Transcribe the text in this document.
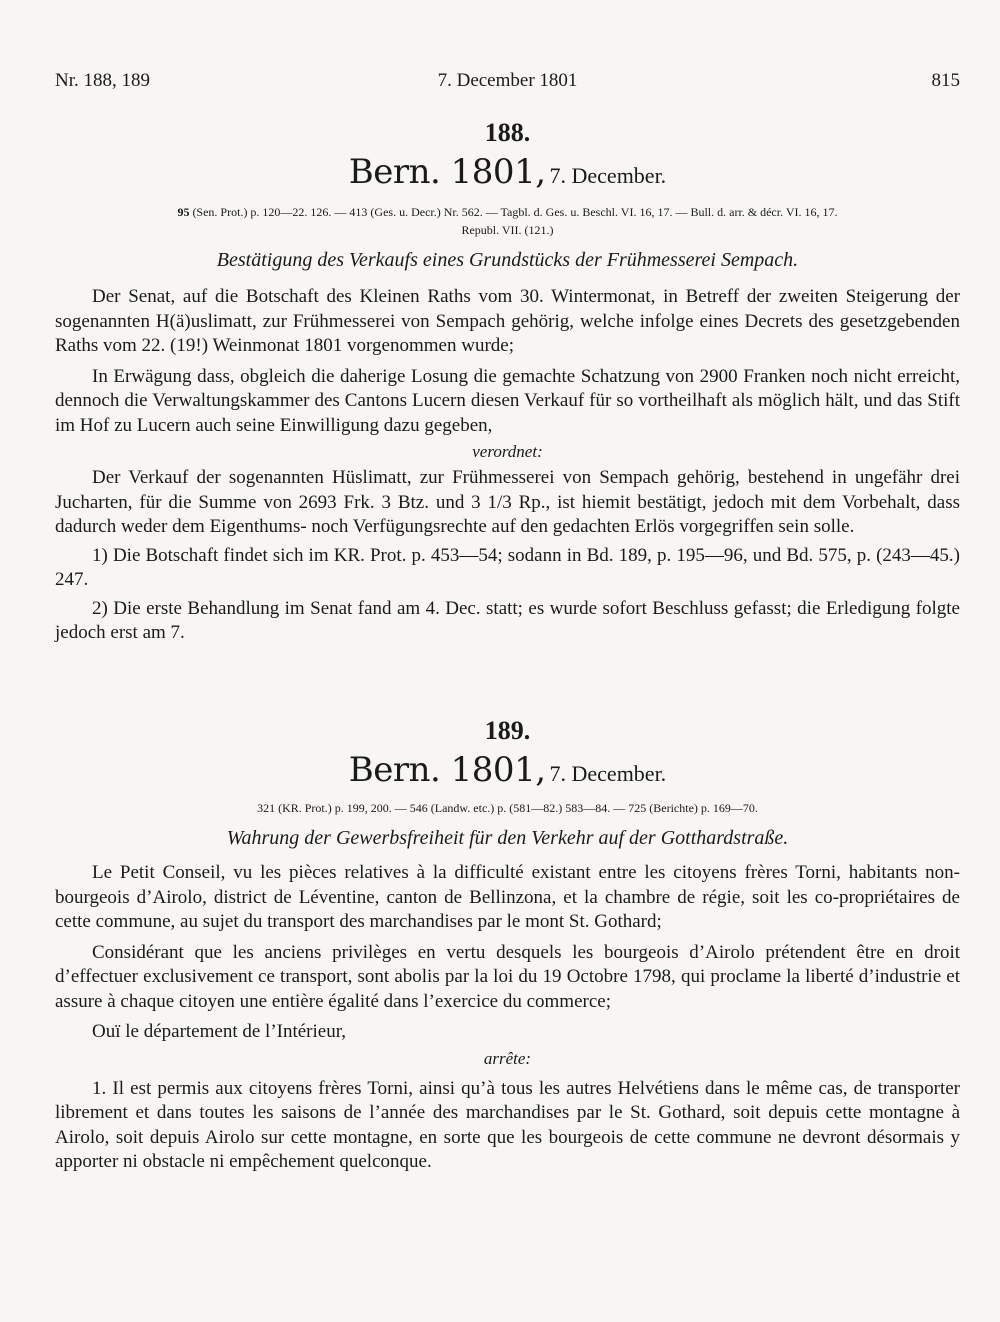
Nr. 188, 189	7. December 1801	815
188.
Bern. 1801, 7. December.
95 (Sen. Prot.) p. 120—22. 126. — 413 (Ges. u. Decr.) Nr. 562. — Tagbl. d. Ges. u. Beschl. VI. 16, 17. — Bull. d. arr. & décr. VI. 16, 17.
Republ. VII. (121.)
Bestätigung des Verkaufs eines Grundstücks der Frühmesserei Sempach.

Der Senat, auf die Botschaft des Kleinen Raths vom 30. Wintermonat, in Betreff der zweiten Steigerung der sogenannten H(ä)uslimatt, zur Frühmesserei von Sempach gehörig, welche infolge eines Decrets des gesetzgebenden Raths vom 22. (19!) Weinmonat 1801 vorgenommen wurde;

In Erwägung dass, obgleich die daherige Losung die gemachte Schatzung von 2900 Franken noch nicht erreicht, dennoch die Verwaltungskammer des Cantons Lucern diesen Verkauf für so vortheilhaft als möglich hält, und das Stift im Hof zu Lucern auch seine Einwilligung dazu gegeben,

verordnet:

Der Verkauf der sogenannten Hüslimatt, zur Frühmesserei von Sempach gehörig, bestehend in ungefähr drei Jucharten, für die Summe von 2693 Frk. 3 Btz. und 3 1/3 Rp., ist hiemit bestätigt, jedoch mit dem Vorbehalt, dass dadurch weder dem Eigenthums- noch Verfügungsrechte auf den gedachten Erlös vorgegriffen sein solle.

1) Die Botschaft findet sich im KR. Prot. p. 453—54; sodann in Bd. 189, p. 195—96, und Bd. 575, p. (243—45.) 247.

2) Die erste Behandlung im Senat fand am 4. Dec. statt; es wurde sofort Beschluss gefasst; die Erledigung folgte jedoch erst am 7.

189.
Bern. 1801, 7. December.
321 (KR. Prot.) p. 199, 200. — 546 (Landw. etc.) p. (581—82.) 583—84. — 725 (Berichte) p. 169—70.
Wahrung der Gewerbsfreiheit für den Verkehr auf der Gotthardstraße.

Le Petit Conseil, vu les pièces relatives à la difficulté existant entre les citoyens frères Torni, habitants non-bourgeois d’Airolo, district de Léventine, canton de Bellinzona, et la chambre de régie, soit les co-propriétaires de cette commune, au sujet du transport des marchandises par le mont St. Gothard;

Considérant que les anciens privilèges en vertu desquels les bourgeois d’Airolo prétendent être en droit d’effectuer exclusivement ce transport, sont abolis par la loi du 19 Octobre 1798, qui proclame la liberté d’industrie et assure à chaque citoyen une entière égalité dans l’exercice du commerce;

Ouï le département de l’Intérieur,

arrête:

1. Il est permis aux citoyens frères Torni, ainsi qu’à tous les autres Helvétiens dans le même cas, de transporter librement et dans toutes les saisons de l’année des marchandises par le St. Gothard, soit depuis cette montagne à Airolo, soit depuis Airolo sur cette montagne, en sorte que les bourgeois de cette commune ne devront désormais y apporter ni obstacle ni empêchement quelconque.
